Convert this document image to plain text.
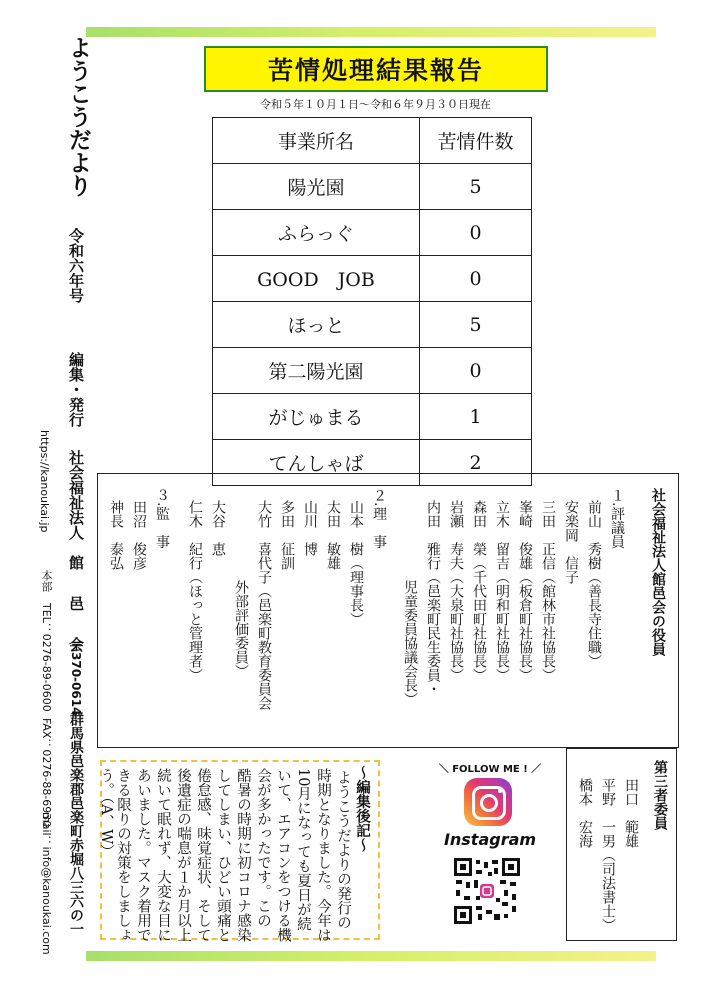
ようこうだより
令和六年号
編集・発行
社会福祉法人
館 邑 会
〒370-0614
群馬県邑楽郡邑楽町赤堀八三六の一
https://kanoukai.jp
本部
TEL：0276-89-0600
FAX：0276-88-6930
mail：info@kanoukai.com
苦情処理結果報告
令和５年１０月１日～令和６年９月３０日現在
事業所名	苦情件数
陽光園	5
ふらっぐ	0
GOOD　JOB	0
ほっと	5
第二陽光園	0
がじゅまる	1
てんしゃば	2
社会福祉法人館邑会の役員
１.評議員
前山　秀樹（善長寺住職）
安楽岡　信子
三田　正信（館林市社協長）
峯崎　俊雄（板倉町社協長）
立木　留吉（明和町社協長）
森田　榮（千代田町社協長）
岩瀬　寿夫（大泉町社協長）
内田　雅行（邑楽町民生委員・
児童委員協議会長）
２.理　事
山本　樹（理事長）
太田　敏雄
山川　博
多田　征訓
大竹　喜代子（邑楽町教育委員会
外部評価委員）
大谷　恵
仁木　紀行（ほっと管理者）
３.監　事
田沼　俊彦
神長　泰弘
～編集後記～
ようこうだよりの発行の
時期となりました。今年は
10月になっても夏日が続
いて、エアコンをつける機
会が多かったです。この
酷暑の時期に初コロナ感染
してしまい、ひどい頭痛と
倦怠感、味覚症状、そして
後遺症の喘息が１か月以上
続いて眠れず、大変な目に
あいました。マスク着用で
きる限りの対策をしましょ
う。（A、W）	＼ FOLLOW ME ! ／
Instagram
第三者委員
田口　範雄
平野　一男（司法書士）
橋本　宏海
